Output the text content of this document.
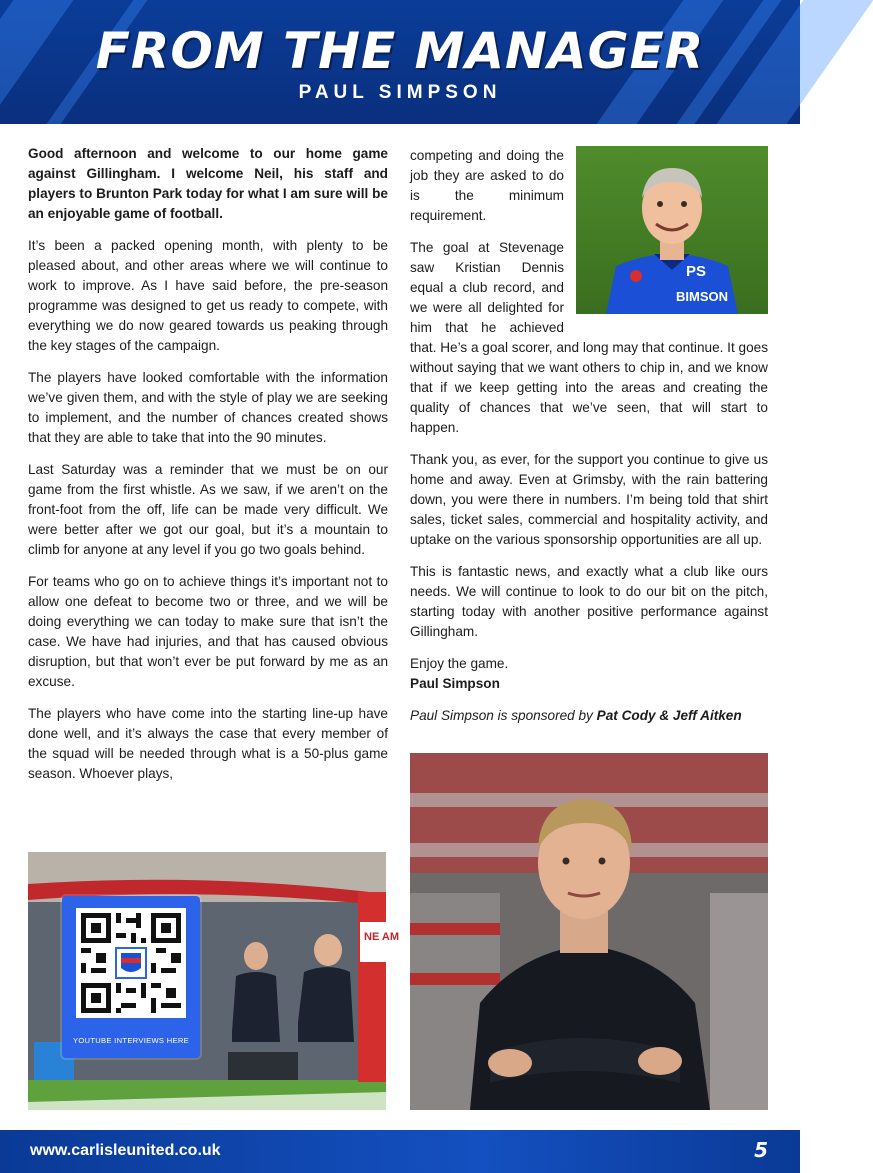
FROM THE MANAGER
PAUL SIMPSON

Good afternoon and welcome to our home game against Gillingham. I welcome Neil, his staff and players to Brunton Park today for what I am sure will be an enjoyable game of football.

It’s been a packed opening month, with plenty to be pleased about, and other areas where we will continue to work to improve. As I have said before, the pre-season programme was designed to get us ready to compete, with everything we do now geared towards us peaking through the key stages of the campaign.

The players have looked comfortable with the information we’ve given them, and with the style of play we are seeking to implement, and the number of chances created shows that they are able to take that into the 90 minutes.

Last Saturday was a reminder that we must be on our game from the first whistle. As we saw, if we aren’t on the front-foot from the off, life can be made very difficult. We were better after we got our goal, but it’s a mountain to climb for anyone at any level if you go two goals behind.

For teams who go on to achieve things it’s important not to allow one defeat to become two or three, and we will be doing everything we can today to make sure that isn’t the case. We have had injuries, and that has caused obvious disruption, but that won’t ever be put forward by me as an excuse.

The players who have come into the starting line-up have done well, and it’s always the case that every member of the squad will be needed through what is a 50-plus game season. Whoever plays,

PS
BIMSON

competing and doing the job they are asked to do is the minimum requirement.

The goal at Stevenage saw Kristian Dennis equal a club record, and we were all delighted for him that he achieved that. He’s a goal scorer, and long may that continue. It goes without saying that we want others to chip in, and we know that if we keep getting into the areas and creating the quality of chances that we’ve seen, that will start to happen.

Thank you, as ever, for the support you continue to give us home and away. Even at Grimsby, with the rain battering down, you were there in numbers. I’m being told that shirt sales, ticket sales, commercial and hospitality activity, and uptake on the various sponsorship opportunities are all up.

This is fantastic news, and exactly what a club like ours needs. We will continue to look to do our bit on the pitch, starting today with another positive performance against Gillingham.

Enjoy the game.

Paul Simpson

Paul Simpson is sponsored by Pat Cody & Jeff Aitken

NE AM
YOUTUBE INTERVIEWS HERE
www.carlisleunited.co.uk	5
